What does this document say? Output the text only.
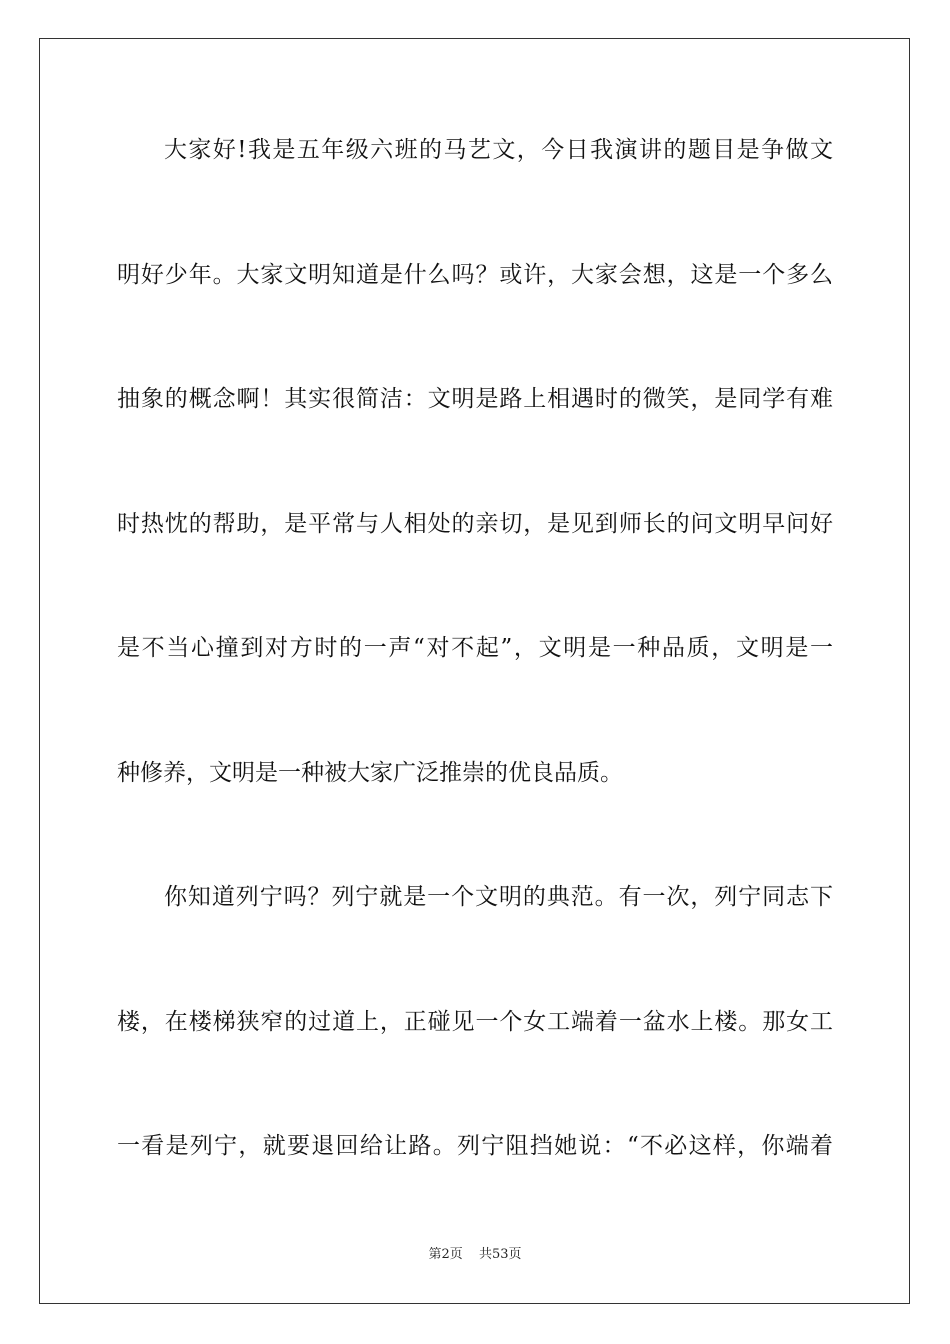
大家好!我是五年级六班的马艺文，今日我演讲的题目是争做文
明好少年。大家文明知道是什么吗？或许，大家会想，这是一个多么
抽象的概念啊！其实很简洁：文明是路上相遇时的微笑，是同学有难
时热忱的帮助，是平常与人相处的亲切，是见到师长的问文明早问好
是不当心撞到对方时的一声“对不起”，文明是一种品质，文明是一
种修养，文明是一种被大家广泛推崇的优良品质。
你知道列宁吗？列宁就是一个文明的典范。有一次，列宁同志下
楼，在楼梯狭窄的过道上，正碰见一个女工端着一盆水上楼。那女工
一看是列宁，就要退回给让路。列宁阻挡她说：“不必这样，你端着
第2页 共53页
